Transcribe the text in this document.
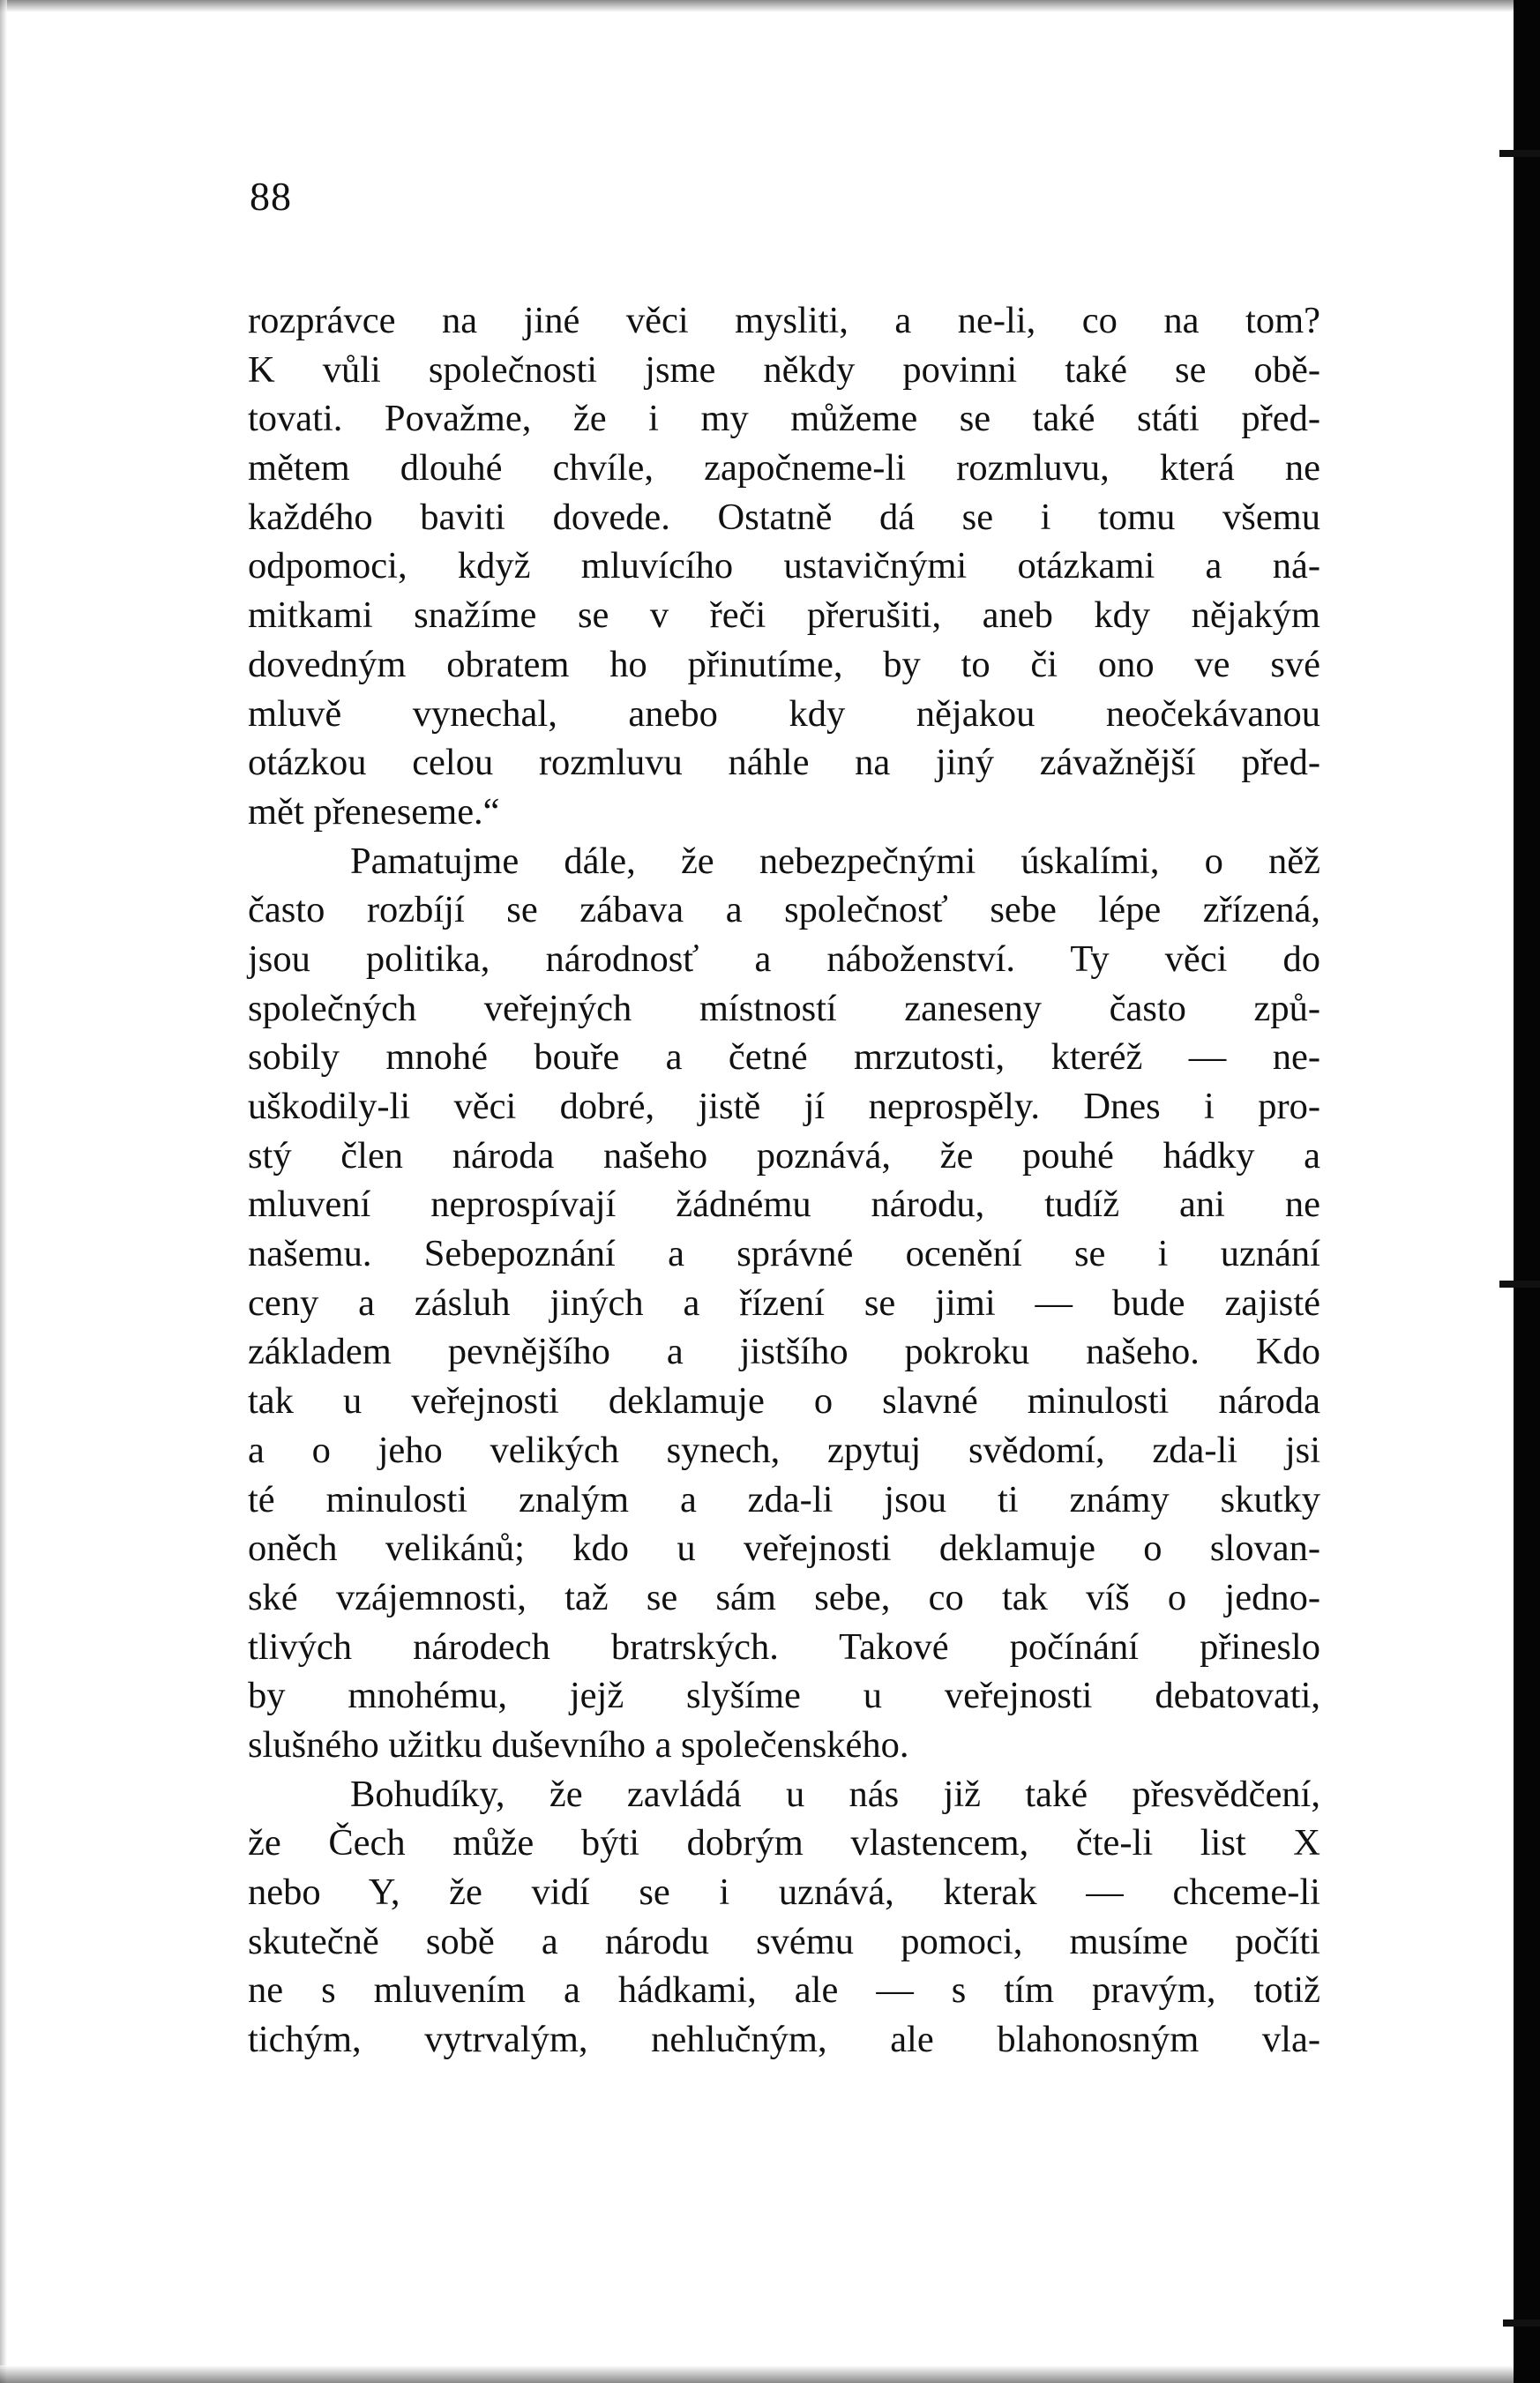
88
rozprávce na jiné věci mysliti, a ne-li, co na tom?
K vůli společnosti jsme někdy povinni také se obě-
tovati. Považme, že i my můžeme se také státi před-
mětem dlouhé chvíle, započneme-li rozmluvu, která ne
každého baviti dovede. Ostatně dá se i tomu všemu
odpomoci, když mluvícího ustavičnými otázkami a ná-
mitkami snažíme se v řeči přerušiti, aneb kdy nějakým
dovedným obratem ho přinutíme, by to či ono ve své
mluvě vynechal, anebo kdy nějakou neočekávanou
otázkou celou rozmluvu náhle na jiný závažnější před-
mět přeneseme.“
Pamatujme dále, že nebezpečnými úskalími, o něž
často rozbíjí se zábava a společnosť sebe lépe zřízená,
jsou politika, národnosť a náboženství. Ty věci do
společných veřejných místností zaneseny často způ-
sobily mnohé bouře a četné mrzutosti, kteréž — ne-
uškodily-li věci dobré, jistě jí neprospěly. Dnes i pro-
stý člen národa našeho poznává, že pouhé hádky a
mluvení neprospívají žádnému národu, tudíž ani ne
našemu. Sebepoznání a správné ocenění se i uznání
ceny a zásluh jiných a řízení se jimi — bude zajisté
základem pevnějšího a jistšího pokroku našeho. Kdo
tak u veřejnosti deklamuje o slavné minulosti národa
a o jeho velikých synech, zpytuj svědomí, zda-li jsi
té minulosti znalým a zda-li jsou ti známy skutky
oněch velikánů; kdo u veřejnosti deklamuje o slovan-
ské vzájemnosti, taž se sám sebe, co tak víš o jedno-
tlivých národech bratrských. Takové počínání přineslo
by mnohému, jejž slyšíme u veřejnosti debatovati,
slušného užitku duševního a společenského.
Bohudíky, že zavládá u nás již také přesvědčení,
že Čech může býti dobrým vlastencem, čte-li list X
nebo Y, že vidí se i uznává, kterak — chceme-li
skutečně sobě a národu svému pomoci, musíme počíti
ne s mluvením a hádkami, ale — s tím pravým, totiž
tichým, vytrvalým, nehlučným, ale blahonosným vla-
